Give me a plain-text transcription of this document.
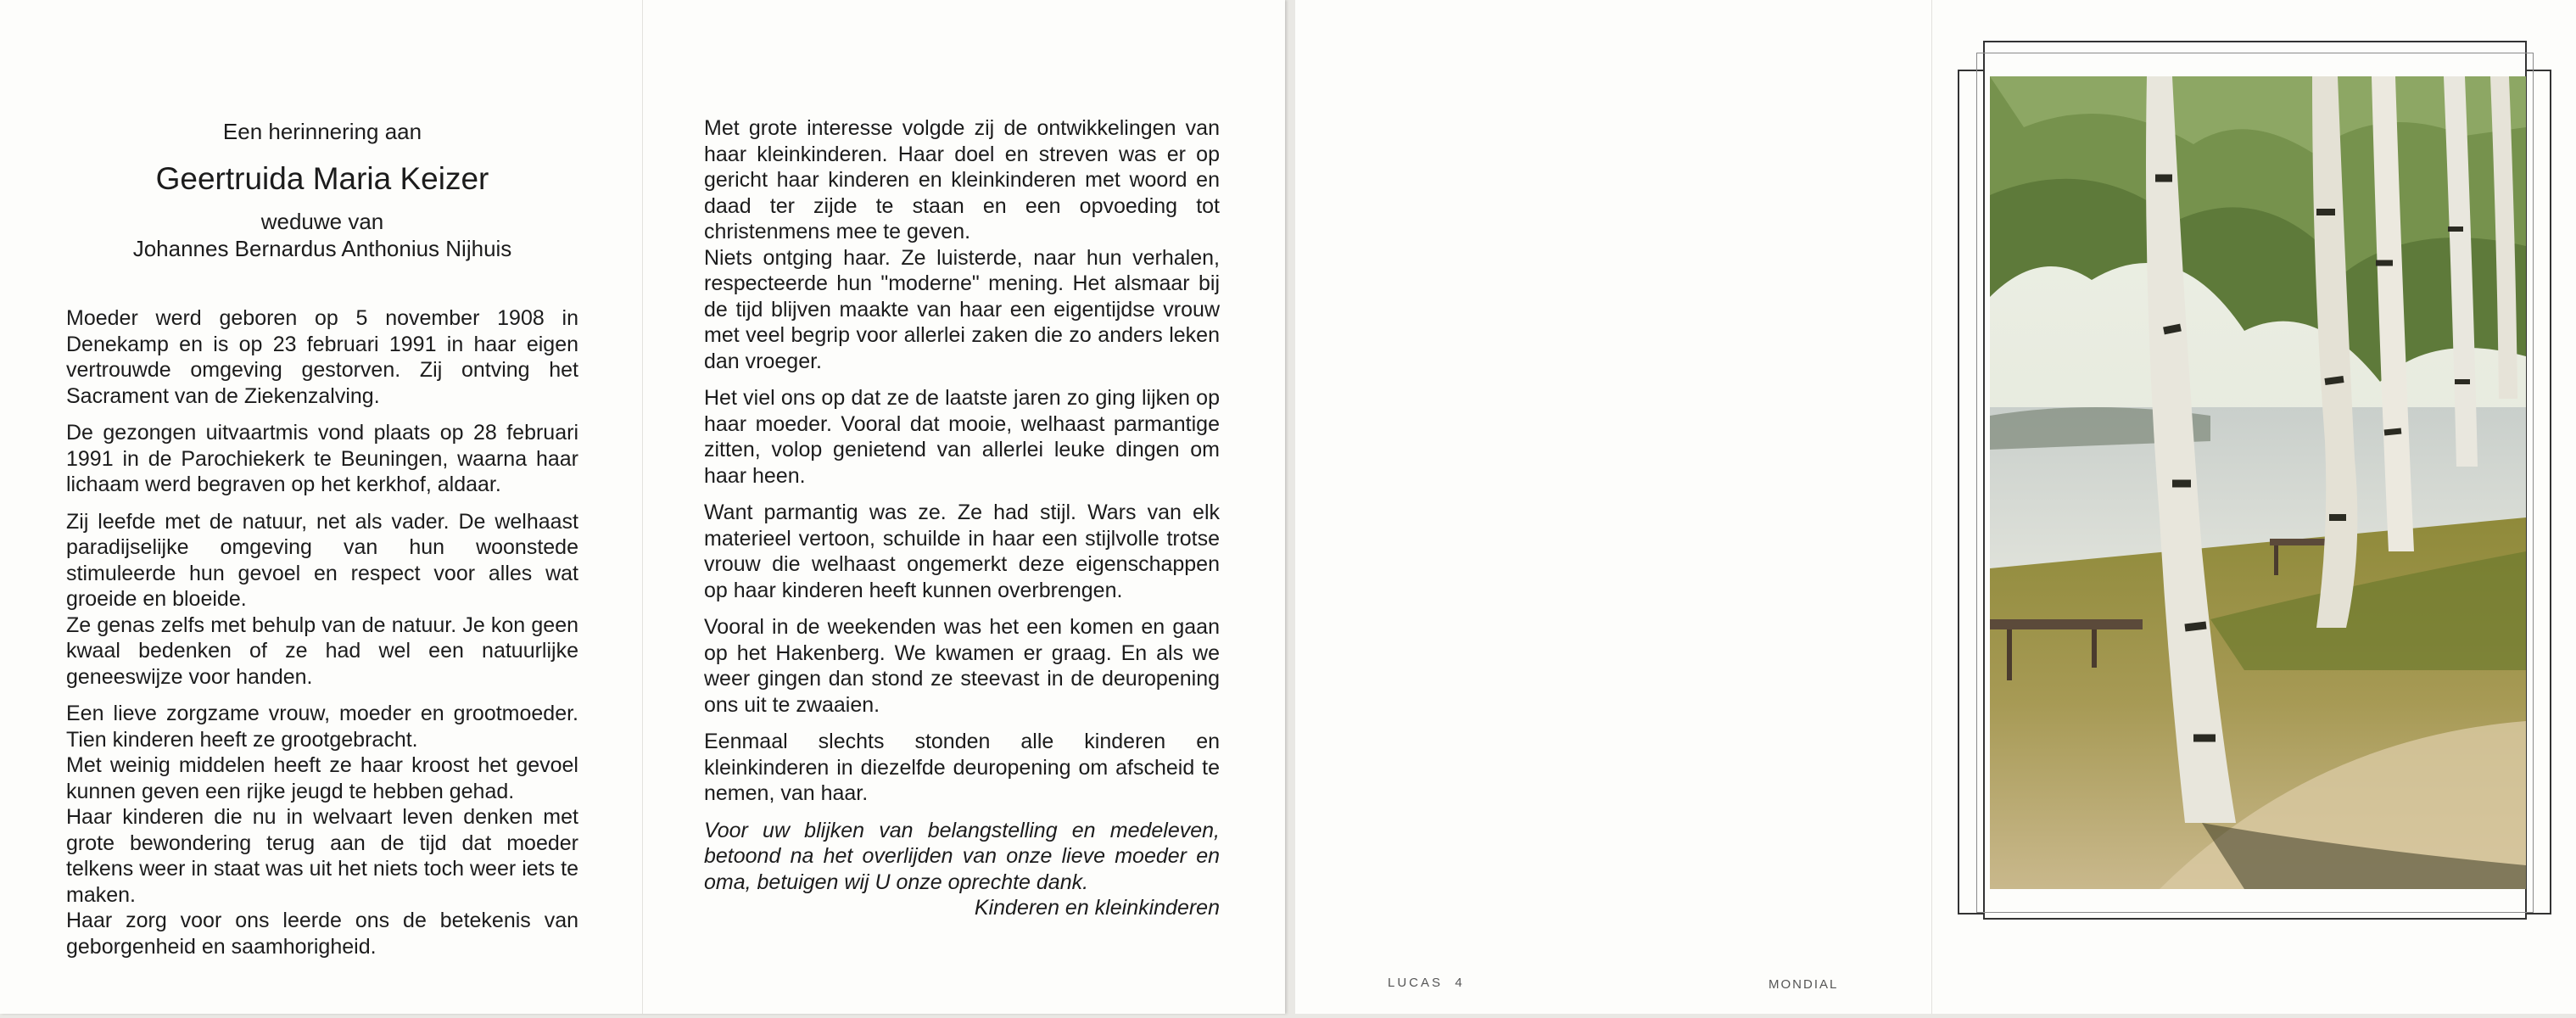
Een herinnering aan
Geertruida Maria Keizer
weduwe van
Johannes Bernardus Anthonius Nijhuis

Moeder werd geboren op 5 november 1908 in Denekamp en is op 23 februari 1991 in haar eigen vertrouwde omgeving gestorven. Zij ontving het Sacrament van de Ziekenzalving.

De gezongen uitvaartmis vond plaats op 28 februari 1991 in de Parochiekerk te Beuningen, waarna haar lichaam werd begraven op het kerkhof, aldaar.

Zij leefde met de natuur, net als vader. De welhaast paradijselijke omgeving van hun woonstede stimuleerde hun gevoel en respect voor alles wat groeide en bloeide.

Ze genas zelfs met behulp van de natuur. Je kon geen kwaal bedenken of ze had wel een natuurlijke geneeswijze voor handen.

Een lieve zorgzame vrouw, moeder en grootmoeder. Tien kinderen heeft ze grootgebracht.

Met weinig middelen heeft ze haar kroost het gevoel kunnen geven een rijke jeugd te hebben gehad.

Haar kinderen die nu in welvaart leven denken met grote bewondering terug aan de tijd dat moeder telkens weer in staat was uit het niets toch weer iets te maken.

Haar zorg voor ons leerde ons de betekenis van geborgenheid en saamhorigheid.

Met grote interesse volgde zij de ontwikkelingen van haar kleinkinderen. Haar doel en streven was er op gericht haar kinderen en kleinkinderen met woord en daad ter zijde te staan en een opvoeding tot christenmens mee te geven.

Niets ontging haar. Ze luisterde, naar hun verhalen, respecteerde hun "moderne" mening. Het alsmaar bij de tijd blijven maakte van haar een eigentijdse vrouw met veel begrip voor allerlei zaken die zo anders leken dan vroeger.

Het viel ons op dat ze de laatste jaren zo ging lijken op haar moeder. Vooral dat mooie, welhaast parmantige zitten, volop genietend van allerlei leuke dingen om haar heen.

Want parmantig was ze. Ze had stijl. Wars van elk materieel vertoon, schuilde in haar een stijlvolle trotse vrouw die welhaast ongemerkt deze eigenschappen op haar kinderen heeft kunnen overbrengen.

Vooral in de weekenden was het een komen en gaan op het Hakenberg. We kwamen er graag. En als we weer gingen dan stond ze steevast in de deuropening ons uit te zwaaien.

Eenmaal slechts stonden alle kinderen en kleinkinderen in diezelfde deuropening om afscheid te nemen, van haar.

Voor uw blijken van belangstelling en medeleven, betoond na het overlijden van onze lieve moeder en oma, betuigen wij U onze oprechte dank.

Kinderen en kleinkinderen

LUCAS 4	MONDIAL
